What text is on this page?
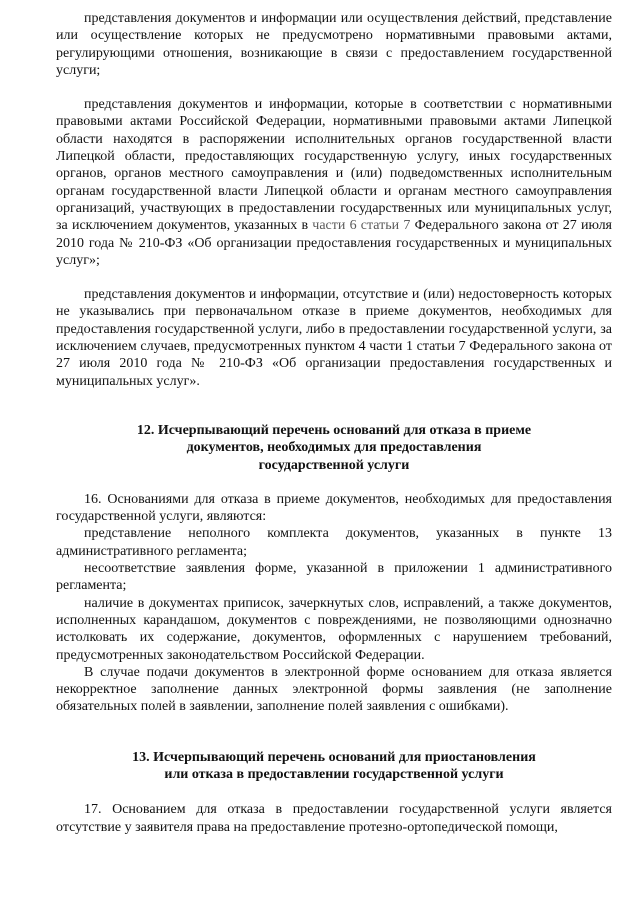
представления документов и информации или осуществления действий, представление или осуществление которых не предусмотрено нормативными правовыми актами, регулирующими отношения, возникающие в связи с предоставлением государственной услуги;

представления документов и информации, которые в соответствии с нормативными правовыми актами Российской Федерации, нормативными правовыми актами Липецкой области находятся в распоряжении исполнительных органов государственной власти Липецкой области, предоставляющих государственную услугу, иных государственных органов, органов местного самоуправления и (или) подведомственных исполнительным органам государственной власти Липецкой области и органам местного самоуправления организаций, участвующих в предоставлении государственных или муниципальных услуг, за исключением документов, указанных в части 6 статьи 7 Федерального закона от 27 июля 2010 года № 210-ФЗ «Об организации предоставления государственных и муниципальных услуг»;

представления документов и информации, отсутствие и (или) недостоверность которых не указывались при первоначальном отказе в приеме документов, необходимых для предоставления государственной услуги, либо в предоставлении государственной услуги, за исключением случаев, предусмотренных пунктом 4 части 1 статьи 7 Федерального закона от 27 июля 2010 года № 210-ФЗ «Об организации предоставления государственных и муниципальных услуг».

12. Исчерпывающий перечень оснований для отказа в приеме
документов, необходимых для предоставления
государственной услуги

16. Основаниями для отказа в приеме документов, необходимых для предоставления государственной услуги, являются:

представление неполного комплекта документов, указанных в пункте 13 административного регламента;

несоответствие заявления форме, указанной в приложении 1 административного регламента;

наличие в документах приписок, зачеркнутых слов, исправлений, а также документов, исполненных карандашом, документов с повреждениями, не позволяющими однозначно истолковать их содержание, документов, оформленных с нарушением требований, предусмотренных законодательством Российской Федерации.

В случае подачи документов в электронной форме основанием для отказа является некорректное заполнение данных электронной формы заявления (не заполнение обязательных полей в заявлении, заполнение полей заявления с ошибками).

13. Исчерпывающий перечень оснований для приостановления
или отказа в предоставлении государственной услуги

17. Основанием для отказа в предоставлении государственной услуги является отсутствие у заявителя права на предоставление протезно-ортопедической помощи,
